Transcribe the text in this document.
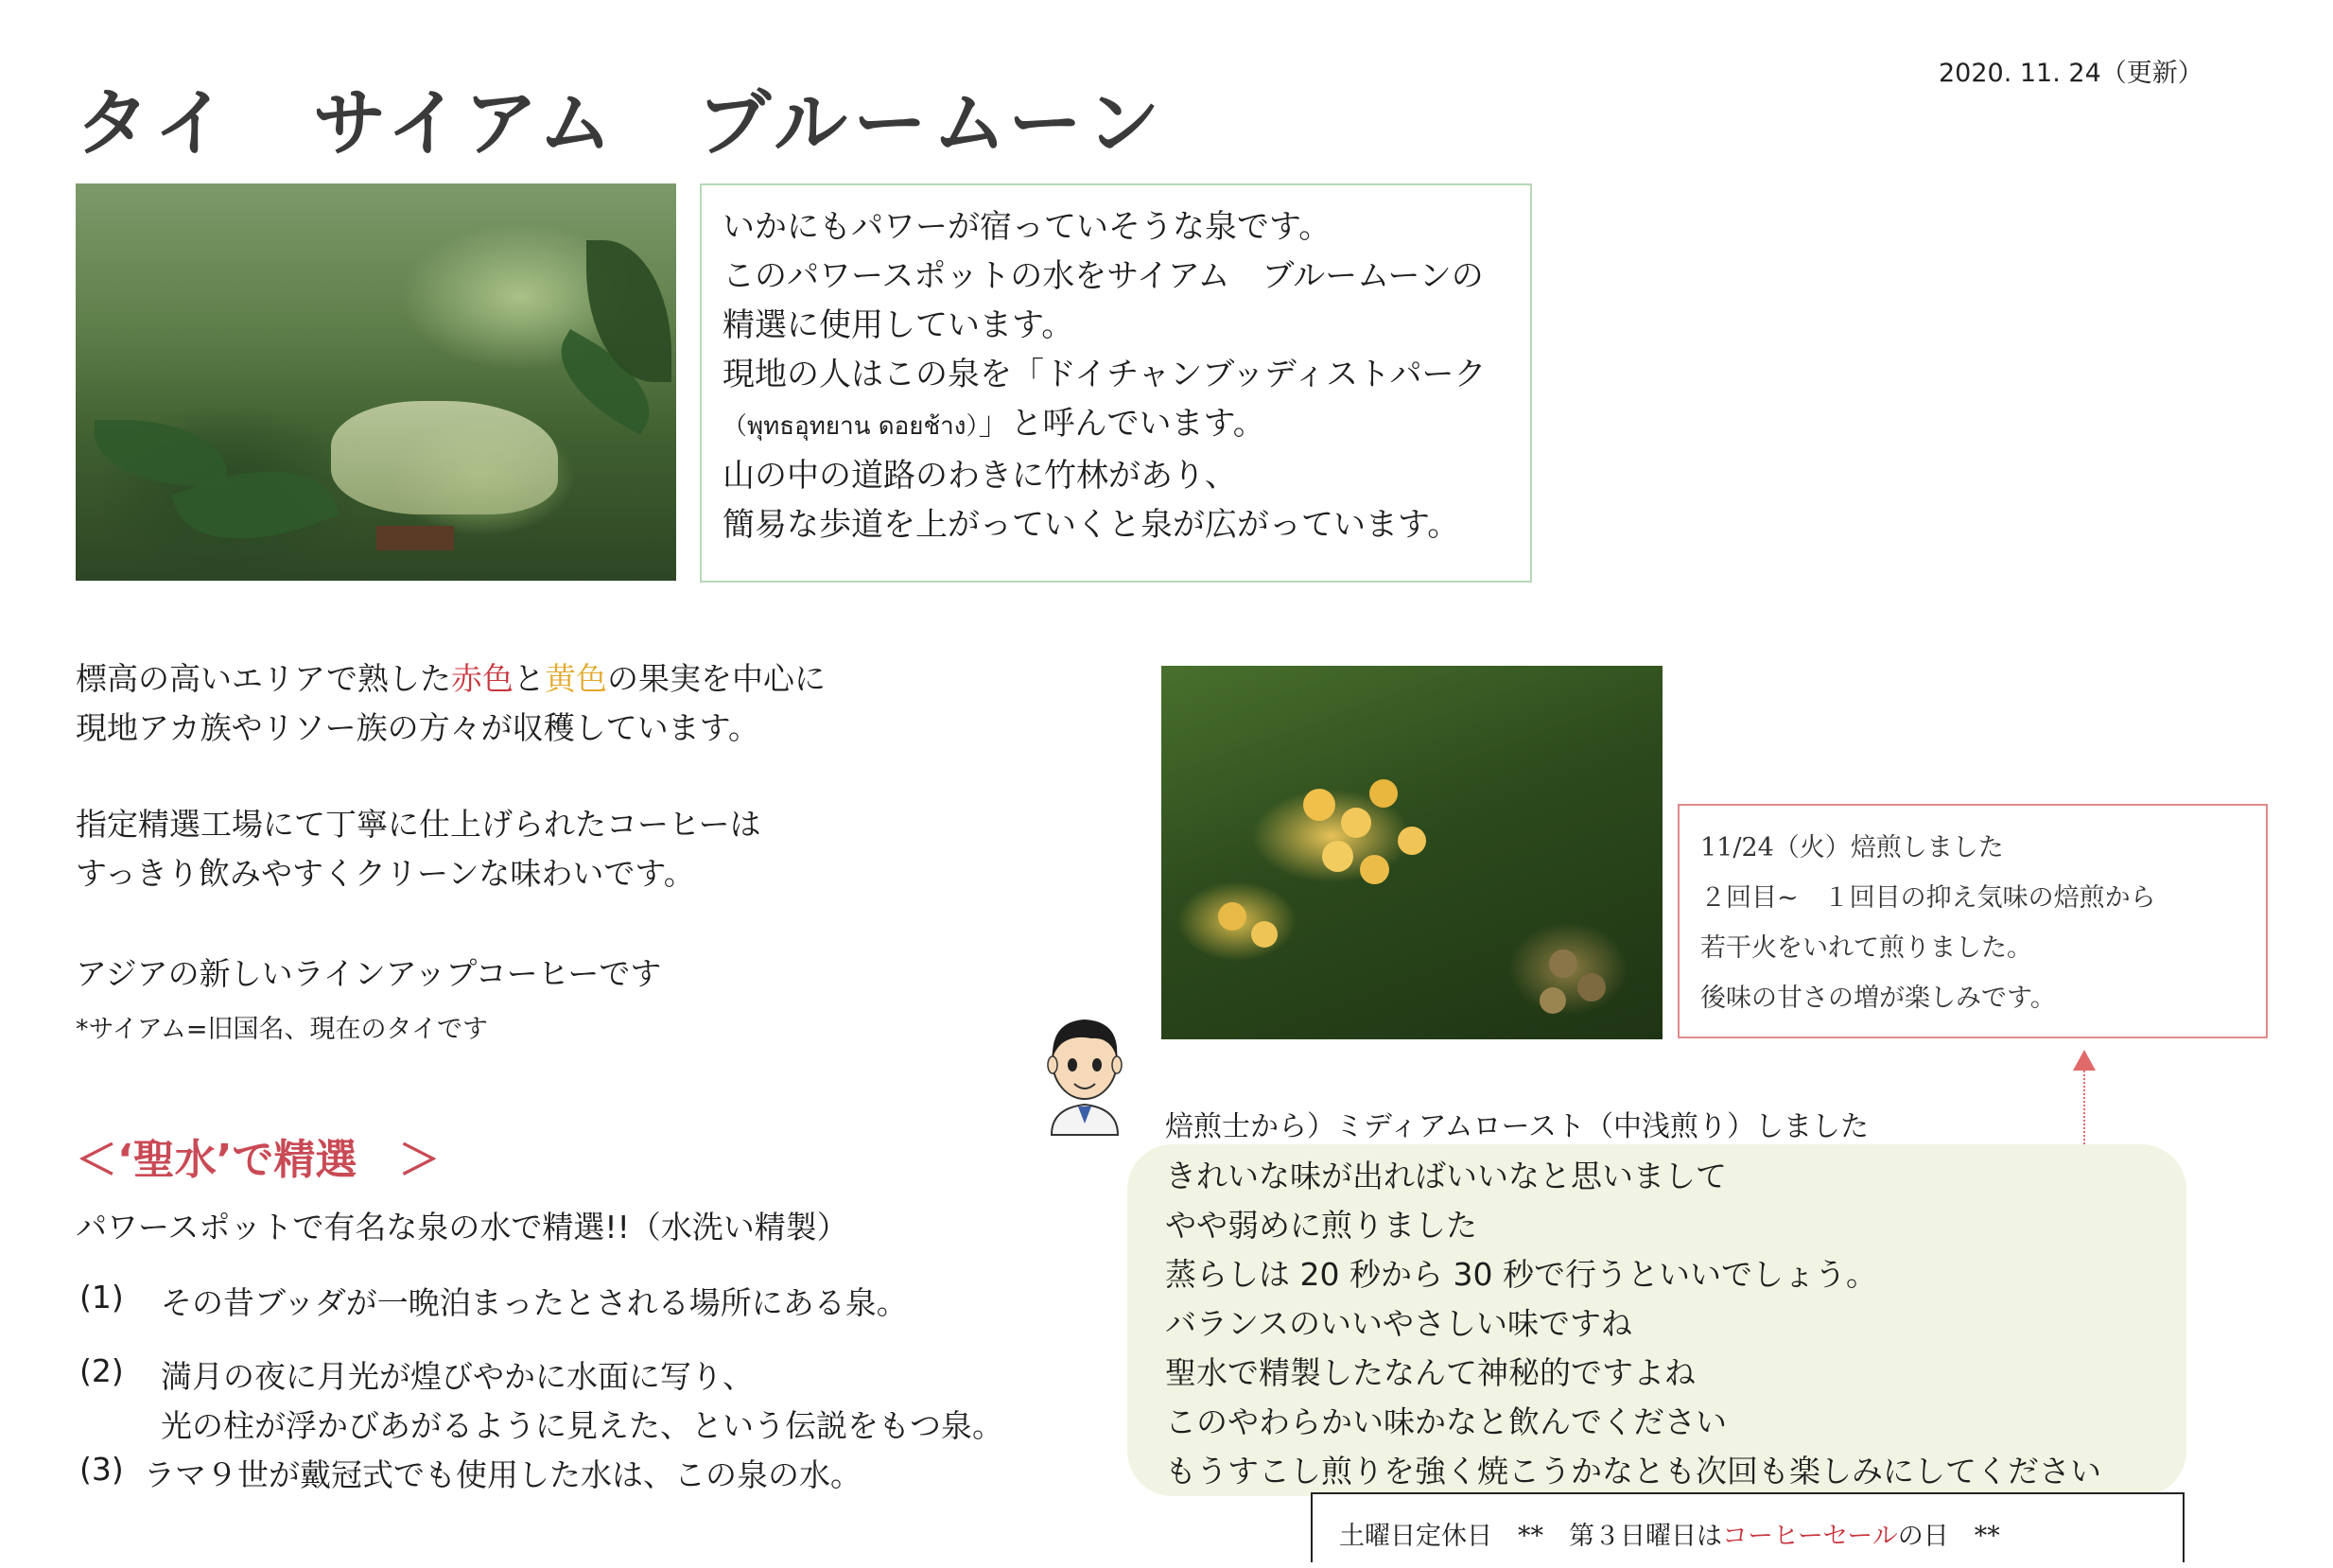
タイ　サイアム　ブルームーン
2020. 11. 24（更新）
いかにもパワーが宿っていそうな泉です。
このパワースポットの水をサイアム　ブルームーンの
精選に使用しています。
現地の人はこの泉を「ドイチャンブッディストパーク
（พุทธอุทยาน ดอยช้าง）」と呼んでいます。
山の中の道路のわきに竹林があり、
簡易な歩道を上がっていくと泉が広がっています。
標高の高いエリアで熟した赤色と黄色の果実を中心に
現地アカ族やリソー族の方々が収穫しています。
指定精選工場にて丁寧に仕上げられたコーヒーは
すっきり飲みやすくクリーンな味わいです。
アジアの新しいラインアップコーヒーです
*サイアム=旧国名、現在のタイです
＜‘聖水’で精選　＞
パワースポットで有名な泉の水で精選!!（水洗い精製）
(1) その昔ブッダが一晩泊まったとされる場所にある泉。
(2) 満月の夜に月光が煌びやかに水面に写り、
光の柱が浮かびあがるように見えた、という伝説をもつ泉。
(3) ラマ９世が戴冠式でも使用した水は、この泉の水。
11/24（火）焙煎しました
２回目~　１回目の抑え気味の焙煎から
若干火をいれて煎りました。
後味の甘さの増が楽しみです。
焙煎士から）ミディアムロースト（中浅煎り）しました
きれいな味が出ればいいなと思いまして
やや弱めに煎りました
蒸らしは 20 秒から 30 秒で行うといいでしょう。
バランスのいいやさしい味ですね
聖水で精製したなんて神秘的ですよね
このやわらかい味かなと飲んでください
もうすこし煎りを強く焼こうかなとも次回も楽しみにしてください
土曜日定休日　**　第３日曜日はコーヒーセールの日　**
